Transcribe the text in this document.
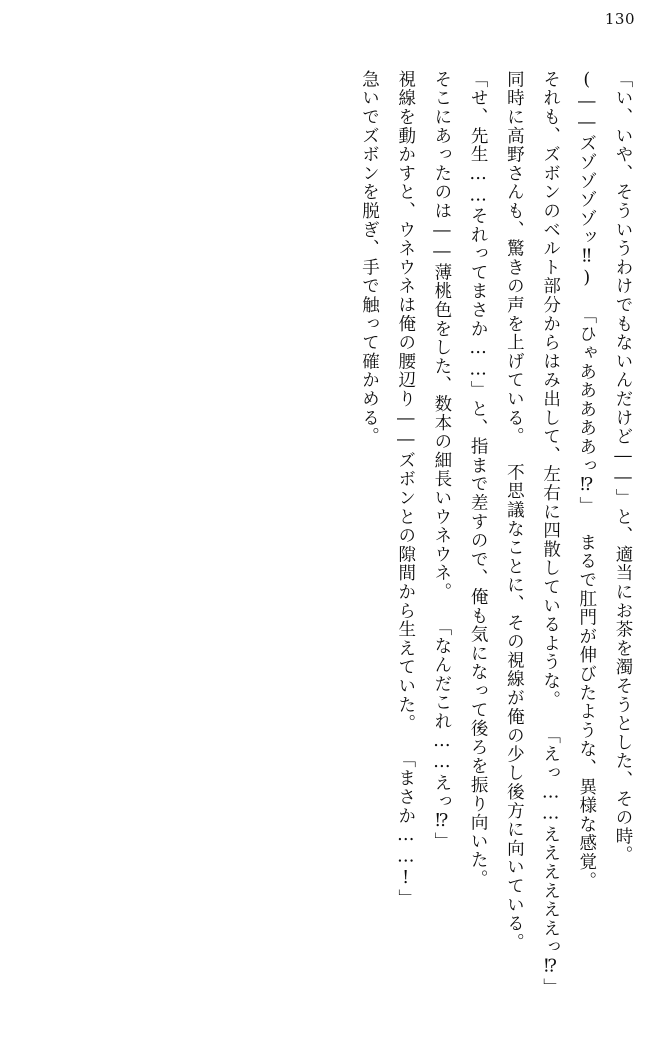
130

「い、いや、そういうわけでもないんだけど――」と、適当にお茶を濁そうとした、その

時。

(――ズゾゾゾゾッ‼)

「ひゃあああああっ⁉」

まるで肛門が伸びたような、異様な感覚。

それも、ズボンのベルト部分からはみ出して、左右に四散しているような。

「えっ……ええええええっ⁉」

同時に高野さんも、驚きの声を上げている。

不思議なことに、その視線が俺の少し後方に向いている。

「せ、先生……それってまさか……」と、指まで差すので、俺も気になって後ろを振り向

いた。

そこにあったのは――薄桃色をした、数本の細長いウネウネ。

「なんだこれ……えっ⁉」

視線を動かすと、ウネウネは俺の腰辺り――ズボンとの隙間から生えていた。

「まさか……!」

急いでズボンを脱ぎ、手で触って確かめる。
